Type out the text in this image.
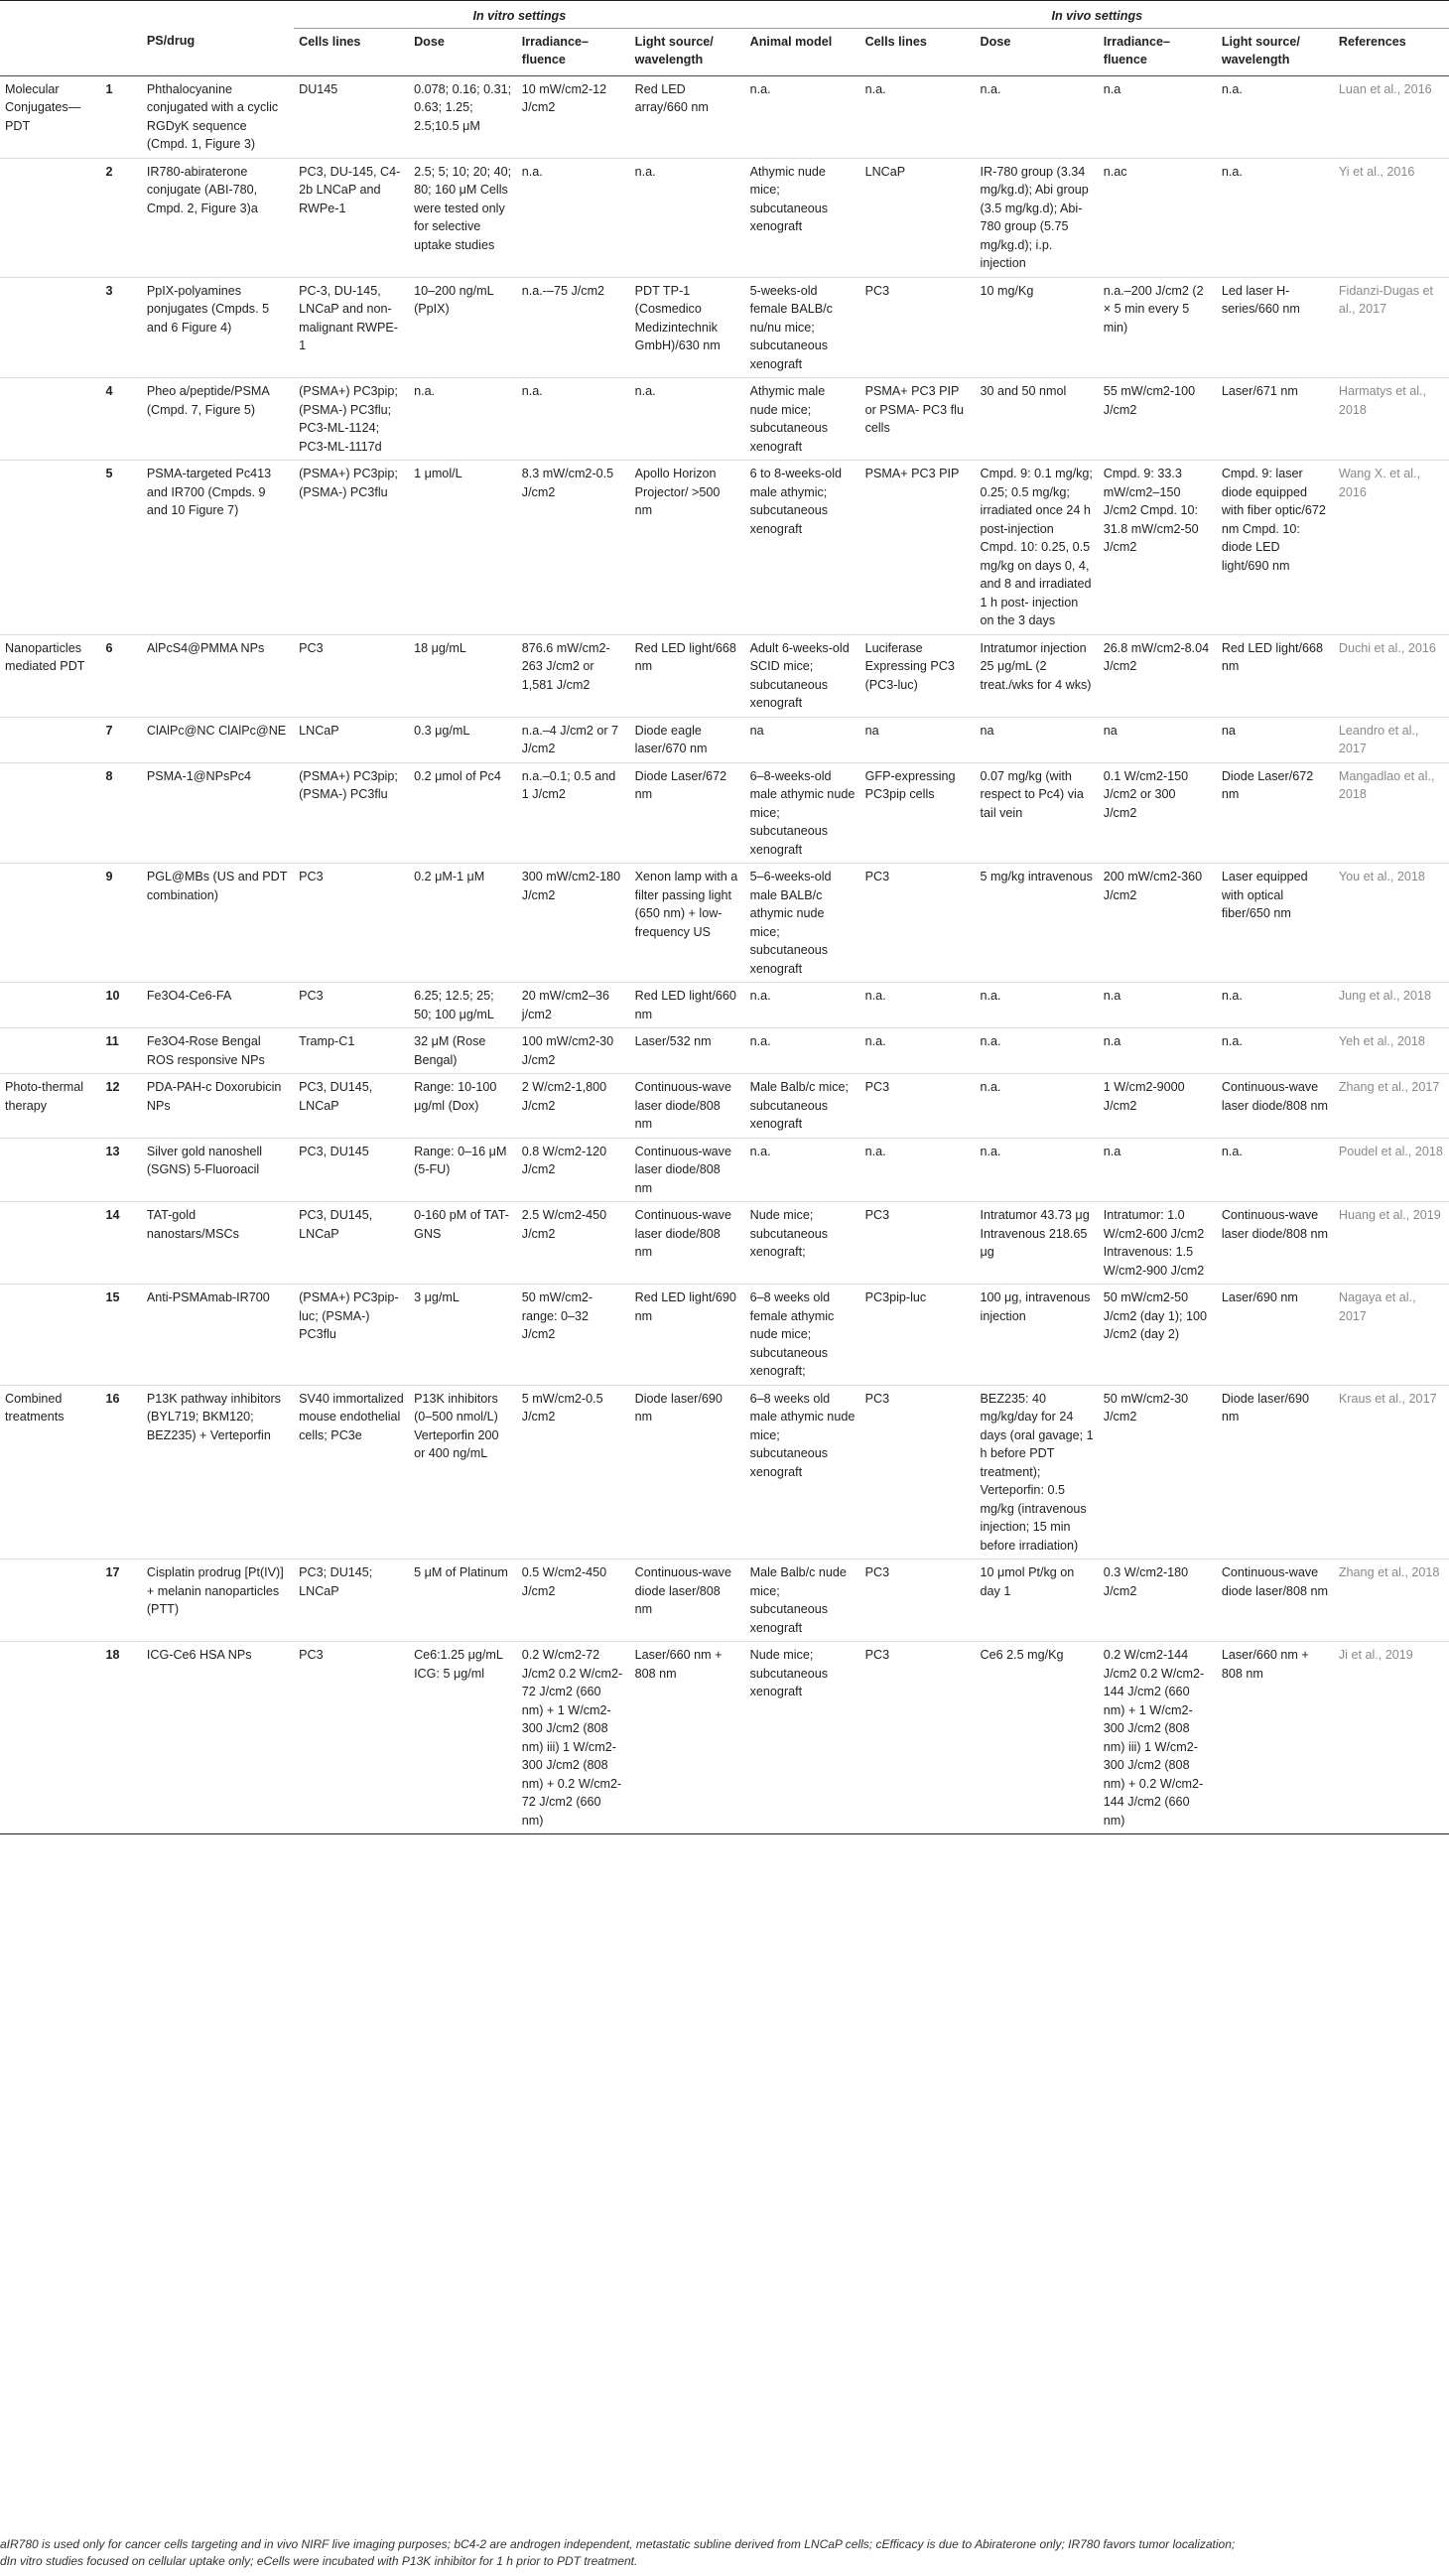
			In vitro settings				In vivo settings					
		PS/drug	Cells lines	Dose	Irradiance–fluence	Light source/ wavelength	Animal model	Cells lines	Dose	Irradiance–fluence	Light source/ wavelength	References
Molecular Conjugates—PDT	1	Phthalocyanine conjugated with a cyclic RGDyK sequence (Cmpd. 1, Figure 3)	DU145	0.078; 0.16; 0.31; 0.63; 1.25; 2.5;10.5 μM	10 mW/cm2-12 J/cm2	Red LED array/660 nm	n.a.	n.a.	n.a.	n.a	n.a.	Luan et al., 2016
	2	IR780-abiraterone conjugate (ABI-780, Cmpd. 2, Figure 3)a	PC3, DU-145, C4-2b LNCaP and RWPe-1	2.5; 5; 10; 20; 40; 80; 160 μM Cells were tested only for selective uptake studies	n.a.	n.a.	Athymic nude mice; subcutaneous xenograft	LNCaP	IR-780 group (3.34 mg/kg.d); Abi group (3.5 mg/kg.d); Abi-780 group (5.75 mg/kg.d); i.p. injection	n.ac	n.a.	Yi et al., 2016
	3	PpIX-polyamines ponjugates (Cmpds. 5 and 6 Figure 4)	PC-3, DU-145, LNCaP and non-malignant RWPE-1	10–200 ng/mL (PpIX)	n.a.-–75 J/cm2	PDT TP-1 (Cosmedico Medizintechnik GmbH)/630 nm	5-weeks-old female BALB/c nu/nu mice; subcutaneous xenograft	PC3	10 mg/Kg	n.a.–200 J/cm2 (2 × 5 min every 5 min)	Led laser H-series/660 nm	Fidanzi-Dugas et al., 2017
	4	Pheo a/peptide/PSMA (Cmpd. 7, Figure 5)	(PSMA+) PC3pip; (PSMA-) PC3flu; PC3-ML-1124; PC3-ML-1117d	n.a.	n.a.	n.a.	Athymic male nude mice; subcutaneous xenograft	PSMA+ PC3 PIP or PSMA- PC3 flu cells	30 and 50 nmol	55 mW/cm2-100 J/cm2	Laser/671 nm	Harmatys et al., 2018
	5	PSMA-targeted Pc413 and IR700 (Cmpds. 9 and 10 Figure 7)	(PSMA+) PC3pip; (PSMA-) PC3flu	1 μmol/L	8.3 mW/cm2-0.5 J/cm2	Apollo Horizon Projector/ >500 nm	6 to 8-weeks-old male athymic; subcutaneous xenograft	PSMA+ PC3 PIP	Cmpd. 9: 0.1 mg/kg; 0.25; 0.5 mg/kg; irradiated once 24 h post-injection Cmpd. 10: 0.25, 0.5 mg/kg on days 0, 4, and 8 and irradiated 1 h post- injection on the 3 days	Cmpd. 9: 33.3 mW/cm2–150 J/cm2 Cmpd. 10: 31.8 mW/cm2-50 J/cm2	Cmpd. 9: laser diode equipped with fiber optic/672 nm Cmpd. 10: diode LED light/690 nm	Wang X. et al., 2016
Nanoparticles mediated PDT	6	AlPcS4@PMMA NPs	PC3	18 μg/mL	876.6 mW/cm2-263 J/cm2 or 1,581 J/cm2	Red LED light/668 nm	Adult 6-weeks-old SCID mice; subcutaneous xenograft	Luciferase Expressing PC3 (PC3-luc)	Intratumor injection 25 μg/mL (2 treat./wks for 4 wks)	26.8 mW/cm2-8.04 J/cm2	Red LED light/668 nm	Duchi et al., 2016
	7	ClAlPc@NC ClAlPc@NE	LNCaP	0.3 μg/mL	n.a.–4 J/cm2 or 7 J/cm2	Diode eagle laser/670 nm	na	na	na	na	na	Leandro et al., 2017
	8	PSMA-1@NPsPc4	(PSMA+) PC3pip; (PSMA-) PC3flu	0.2 μmol of Pc4	n.a.–0.1; 0.5 and 1 J/cm2	Diode Laser/672 nm	6–8-weeks-old male athymic nude mice; subcutaneous xenograft	GFP-expressing PC3pip cells	0.07 mg/kg (with respect to Pc4) via tail vein	0.1 W/cm2-150 J/cm2 or 300 J/cm2	Diode Laser/672 nm	Mangadlao et al., 2018
	9	PGL@MBs (US and PDT combination)	PC3	0.2 μM-1 μM	300 mW/cm2-180 J/cm2	Xenon lamp with a filter passing light (650 nm) + low-frequency US	5–6-weeks-old male BALB/c athymic nude mice; subcutaneous xenograft	PC3	5 mg/kg intravenous	200 mW/cm2-360 J/cm2	Laser equipped with optical fiber/650 nm	You et al., 2018
	10	Fe3O4-Ce6-FA	PC3	6.25; 12.5; 25; 50; 100 μg/mL	20 mW/cm2–36 j/cm2	Red LED light/660 nm	n.a.	n.a.	n.a.	n.a	n.a.	Jung et al., 2018
	11	Fe3O4-Rose Bengal ROS responsive NPs	Tramp-C1	32 μM (Rose Bengal)	100 mW/cm2-30 J/cm2	Laser/532 nm	n.a.	n.a.	n.a.	n.a	n.a.	Yeh et al., 2018
Photo-thermal therapy	12	PDA-PAH-c Doxorubicin NPs	PC3, DU145, LNCaP	Range: 10-100 μg/ml (Dox)	2 W/cm2-1,800 J/cm2	Continuous-wave laser diode/808 nm	Male Balb/c mice; subcutaneous xenograft	PC3	n.a.	1 W/cm2-9000 J/cm2	Continuous-wave laser diode/808 nm	Zhang et al., 2017
	13	Silver gold nanoshell (SGNS) 5-Fluoroacil	PC3, DU145	Range: 0–16 μM (5-FU)	0.8 W/cm2-120 J/cm2	Continuous-wave laser diode/808 nm	n.a.	n.a.	n.a.	n.a	n.a.	Poudel et al., 2018
	14	TAT-gold nanostars/MSCs	PC3, DU145, LNCaP	0-160 pM of TAT-GNS	2.5 W/cm2-450 J/cm2	Continuous-wave laser diode/808 nm	Nude mice; subcutaneous xenograft;	PC3	Intratumor 43.73 μg Intravenous 218.65 μg	Intratumor: 1.0 W/cm2-600 J/cm2 Intravenous: 1.5 W/cm2-900 J/cm2	Continuous-wave laser diode/808 nm	Huang et al., 2019
	15	Anti-PSMAmab-IR700	(PSMA+) PC3pip-luc; (PSMA-) PC3flu	3 μg/mL	50 mW/cm2-range: 0–32 J/cm2	Red LED light/690 nm	6–8 weeks old female athymic nude mice; subcutaneous xenograft;	PC3pip-luc	100 μg, intravenous injection	50 mW/cm2-50 J/cm2 (day 1); 100 J/cm2 (day 2)	Laser/690 nm	Nagaya et al., 2017
Combined treatments	16	P13K pathway inhibitors (BYL719; BKM120; BEZ235) + Verteporfin	SV40 immortalized mouse endothelial cells; PC3e	P13K inhibitors (0–500 nmol/L) Verteporfin 200 or 400 ng/mL	5 mW/cm2-0.5 J/cm2	Diode laser/690 nm	6–8 weeks old male athymic nude mice; subcutaneous xenograft	PC3	BEZ235: 40 mg/kg/day for 24 days (oral gavage; 1 h before PDT treatment); Verteporfin: 0.5 mg/kg (intravenous injection; 15 min before irradiation)	50 mW/cm2-30 J/cm2	Diode laser/690 nm	Kraus et al., 2017
	17	Cisplatin prodrug [Pt(IV)] + melanin nanoparticles (PTT)	PC3; DU145; LNCaP	5 μM of Platinum	0.5 W/cm2-450 J/cm2	Continuous-wave diode laser/808 nm	Male Balb/c nude mice; subcutaneous xenograft	PC3	10 μmol Pt/kg on day 1	0.3 W/cm2-180 J/cm2	Continuous-wave diode laser/808 nm	Zhang et al., 2018
	18	ICG-Ce6 HSA NPs	PC3	Ce6:1.25 μg/mL ICG: 5 μg/ml	0.2 W/cm2-72 J/cm2 0.2 W/cm2-72 J/cm2 (660 nm) + 1 W/cm2-300 J/cm2 (808 nm) iii) 1 W/cm2-300 J/cm2 (808 nm) + 0.2 W/cm2-72 J/cm2 (660 nm)	Laser/660 nm + 808 nm	Nude mice; subcutaneous xenograft	PC3	Ce6 2.5 mg/Kg	0.2 W/cm2-144 J/cm2 0.2 W/cm2-144 J/cm2 (660 nm) + 1 W/cm2-300 J/cm2 (808 nm) iii) 1 W/cm2-300 J/cm2 (808 nm) + 0.2 W/cm2-144 J/cm2 (660 nm)	Laser/660 nm + 808 nm	Ji et al., 2019
aIR780 is used only for cancer cells targeting and in vivo NIRF live imaging purposes; bC4-2 are androgen independent, metastatic subline derived from LNCaP cells; cEfficacy is due to Abiraterone only; IR780 favors tumor localization;
dIn vitro studies focused on cellular uptake only; eCells were incubated with P13K inhibitor for 1 h prior to PDT treatment.
